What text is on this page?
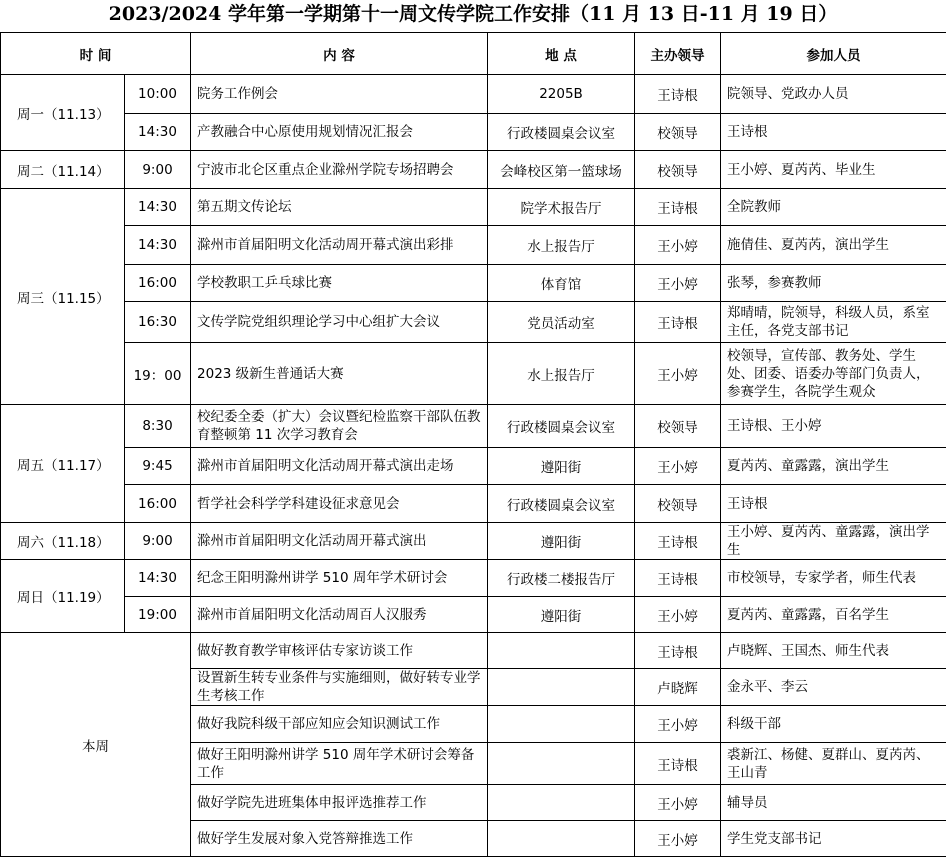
2023/2024 学年第一学期第十一周文传学院工作安排（11 月 13 日-11 月 19 日）
时 间		内 容	地 点	主办领导	参加人员
周一（11.13）	10:00	院务工作例会	2205B	王诗根	院领导、党政办人员
	14:30	产教融合中心原使用规划情况汇报会	行政楼圆桌会议室	校领导	王诗根
周二（11.14）	9:00	宁波市北仑区重点企业滁州学院专场招聘会	会峰校区第一篮球场	校领导	王小婷、夏芮芮、毕业生
周三（11.15）	14:30	第五期文传论坛	院学术报告厅	王诗根	全院教师
	14:30	滁州市首届阳明文化活动周开幕式演出彩排	水上报告厅	王小婷	施倩佳、夏芮芮，演出学生
	16:00	学校教职工乒乓球比赛	体育馆	王小婷	张琴，参赛教师
	16:30	文传学院党组织理论学习中心组扩大会议	党员活动室	王诗根	郑晴晴，院领导，科级人员，系室主任，各党支部书记
	19：00	2023 级新生普通话大赛	水上报告厅	王小婷	校领导，宣传部、教务处、学生处、团委、语委办等部门负责人，参赛学生，各院学生观众
周五（11.17）	8:30	校纪委全委（扩大）会议暨纪检监察干部队伍教育整顿第 11 次学习教育会	行政楼圆桌会议室	校领导	王诗根、王小婷
	9:45	滁州市首届阳明文化活动周开幕式演出走场	遵阳街	王小婷	夏芮芮、童露露，演出学生
	16:00	哲学社会科学学科建设征求意见会	行政楼圆桌会议室	校领导	王诗根
周六（11.18）	9:00	滁州市首届阳明文化活动周开幕式演出	遵阳街	王诗根	王小婷、夏芮芮、童露露，演出学生
周日（11.19）	14:30	纪念王阳明滁州讲学 510 周年学术研讨会	行政楼二楼报告厅	王诗根	市校领导，专家学者，师生代表
	19:00	滁州市首届阳明文化活动周百人汉服秀	遵阳街	王小婷	夏芮芮、童露露，百名学生
本周		做好教育教学审核评估专家访谈工作		王诗根	卢晓辉、王国杰、师生代表
		设置新生转专业条件与实施细则，做好转专业学生考核工作		卢晓辉	金永平、李云
		做好我院科级干部应知应会知识测试工作		王小婷	科级干部
		做好王阳明滁州讲学 510 周年学术研讨会筹备工作		王诗根	裘新江、杨健、夏群山、夏芮芮、王山青
		做好学院先进班集体申报评选推荐工作		王小婷	辅导员
		做好学生发展对象入党答辩推选工作		王小婷	学生党支部书记
